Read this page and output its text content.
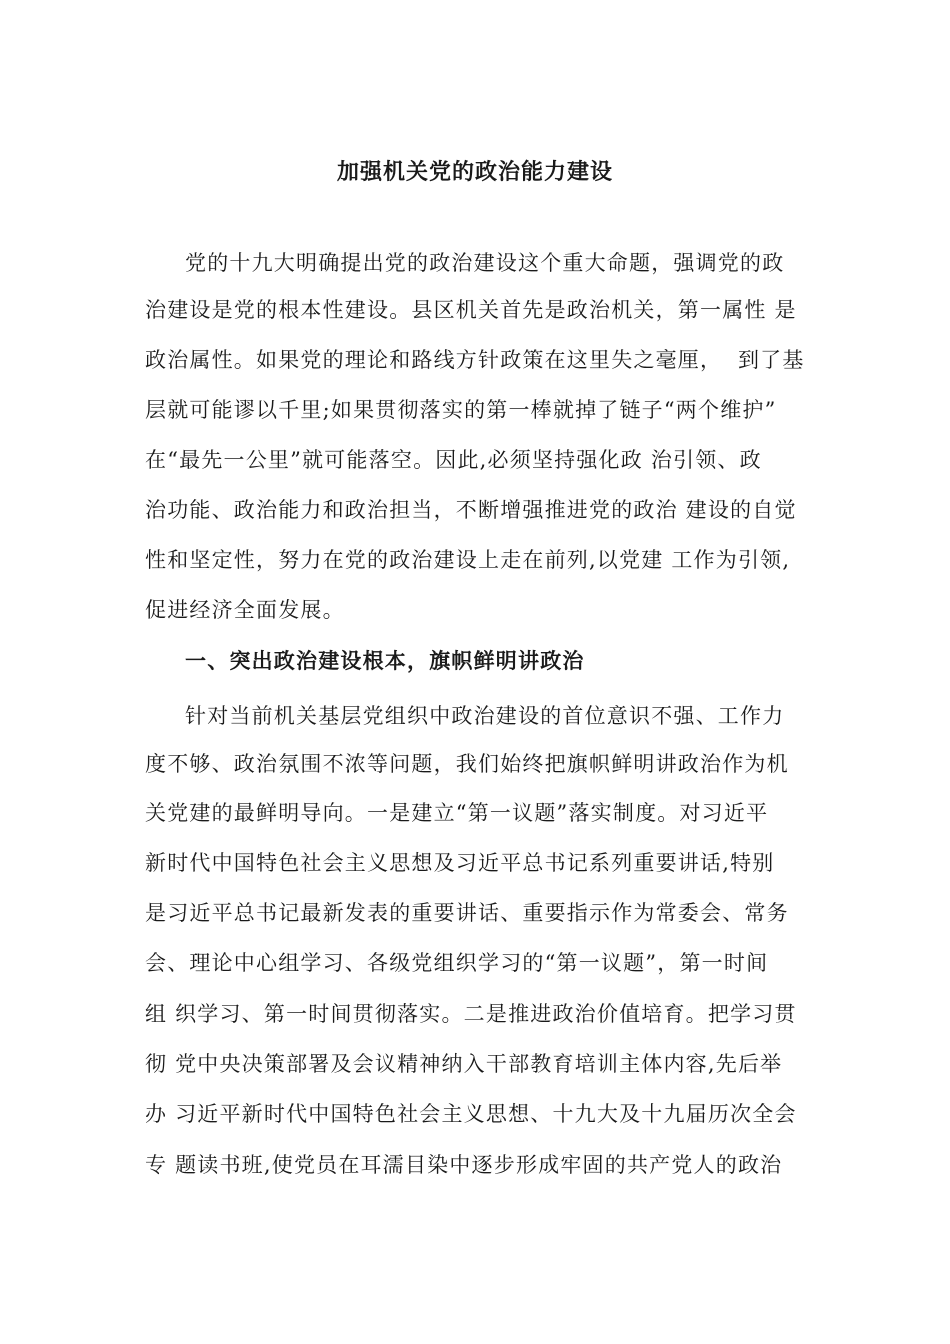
加强机关党的政治能力建设
党的十九大明确提出党的政治建设这个重大命题，强调党的政
治建设是党的根本性建设。县区机关首先是政治机关，第一属性 是
政治属性。如果党的理论和路线方针政策在这里失之毫厘，  到了基
层就可能谬以千里;如果贯彻落实的第一棒就掉了链子“两个维护”
在“最先一公里”就可能落空。因此,必须坚持强化政 治引领、政
治功能、政治能力和政治担当，不断增强推进党的政治 建设的自觉
性和坚定性，努力在党的政治建设上走在前列,以党建 工作为引领,
促进经济全面发展。
一、突出政治建设根本，旗帜鲜明讲政治
针对当前机关基层党组织中政治建设的首位意识不强、工作力
度不够、政治氛围不浓等问题，我们始终把旗帜鲜明讲政治作为机
关党建的最鲜明导向。一是建立“第一议题”落实制度。对习近平
新时代中国特色社会主义思想及习近平总书记系列重要讲话,特别
是习近平总书记最新发表的重要讲话、重要指示作为常委会、常务
会、理论中心组学习、各级党组织学习的“第一议题”，第一时间
组 织学习、第一时间贯彻落实。二是推进政治价值培育。把学习贯
彻 党中央决策部署及会议精神纳入干部教育培训主体内容,先后举
办 习近平新时代中国特色社会主义思想、十九大及十九届历次全会
专 题读书班,使党员在耳濡目染中逐步形成牢固的共产党人的政治
